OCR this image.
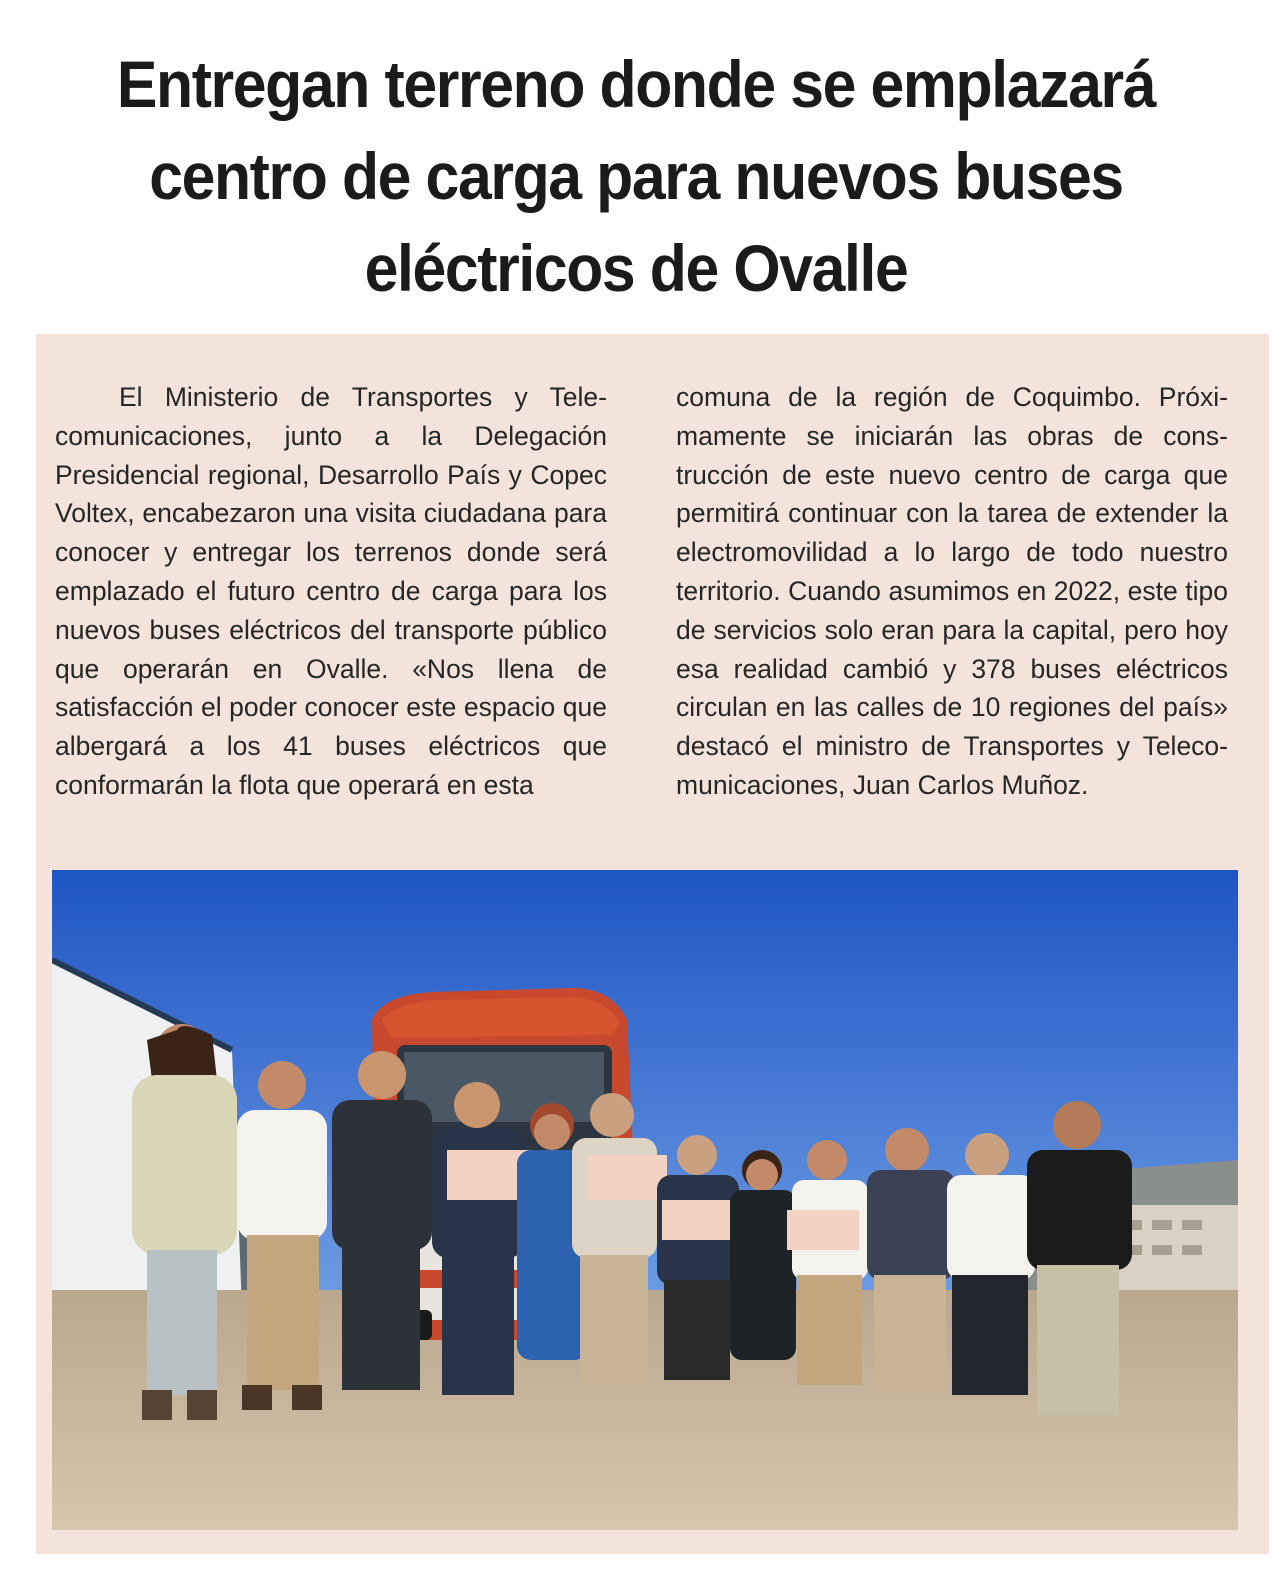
Entregan terreno donde se emplazará
centro de carga para nuevos buses
eléctricos de Ovalle

El Ministerio de Transportes y Telecomunicaciones, junto a la Delegación Presidencial regional, Desarrollo País y Copec Voltex, encabezaron una visita ciudadana para conocer y entregar los terrenos donde será emplazado el futuro centro de carga para los nuevos buses eléctricos del transporte público que operarán en Ovalle. «Nos llena de satisfacción el poder conocer este espacio que albergará a los 41 buses eléctricos que conformarán la flota que operará en esta

comuna de la región de Coquimbo. Próximamente se iniciarán las obras de construcción de este nuevo centro de carga que permitirá continuar con la tarea de extender la electromovilidad a lo largo de todo nuestro territorio. Cuando asumimos en 2022, este tipo de servicios solo eran para la capital, pero hoy esa realidad cambió y 378 buses eléctricos circulan en las calles de 10 regiones del país» destacó el ministro de Transportes y Telecomunicaciones, Juan Carlos Muñoz.
